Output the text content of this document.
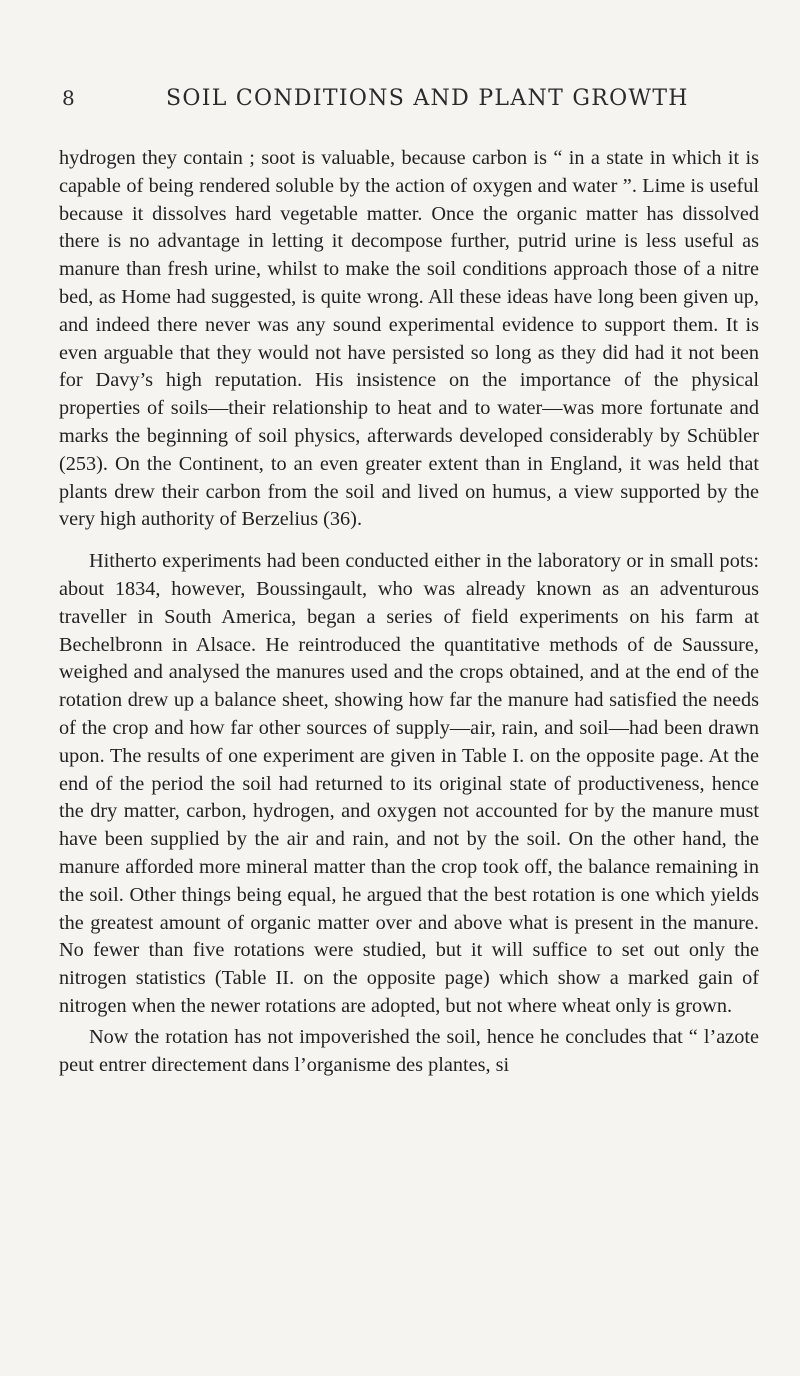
8	SOIL CONDITIONS AND PLANT GROWTH

hydrogen they contain ; soot is valuable, because carbon is “ in a state in which it is capable of being rendered soluble by the action of oxygen and water ”. Lime is useful because it dissolves hard vegetable matter. Once the organic matter has dissolved there is no advantage in letting it decompose further, putrid urine is less useful as manure than fresh urine, whilst to make the soil conditions approach those of a nitre bed, as Home had suggested, is quite wrong. All these ideas have long been given up, and indeed there never was any sound experimental evidence to support them. It is even arguable that they would not have persisted so long as they did had it not been for Davy’s high reputation. His insistence on the importance of the physical properties of soils—their relationship to heat and to water—was more fortunate and marks the beginning of soil physics, afterwards developed considerably by Schübler (253). On the Continent, to an even greater extent than in England, it was held that plants drew their carbon from the soil and lived on humus, a view supported by the very high authority of Berzelius (36).

Hitherto experiments had been conducted either in the laboratory or in small pots: about 1834, however, Boussingault, who was already known as an adventurous traveller in South America, began a series of field experiments on his farm at Bechelbronn in Alsace. He reintroduced the quantitative methods of de Saussure, weighed and analysed the manures used and the crops obtained, and at the end of the rotation drew up a balance sheet, showing how far the manure had satisfied the needs of the crop and how far other sources of supply—air, rain, and soil—had been drawn upon. The results of one experiment are given in Table I. on the opposite page. At the end of the period the soil had returned to its original state of productiveness, hence the dry matter, carbon, hydrogen, and oxygen not accounted for by the manure must have been supplied by the air and rain, and not by the soil. On the other hand, the manure afforded more mineral matter than the crop took off, the balance remaining in the soil. Other things being equal, he argued that the best rotation is one which yields the greatest amount of organic matter over and above what is present in the manure. No fewer than five rotations were studied, but it will suffice to set out only the nitrogen statistics (Table II. on the opposite page) which show a marked gain of nitrogen when the newer rotations are adopted, but not where wheat only is grown.

Now the rotation has not impoverished the soil, hence he concludes that “ l’azote peut entrer directement dans l’organisme des plantes, si
